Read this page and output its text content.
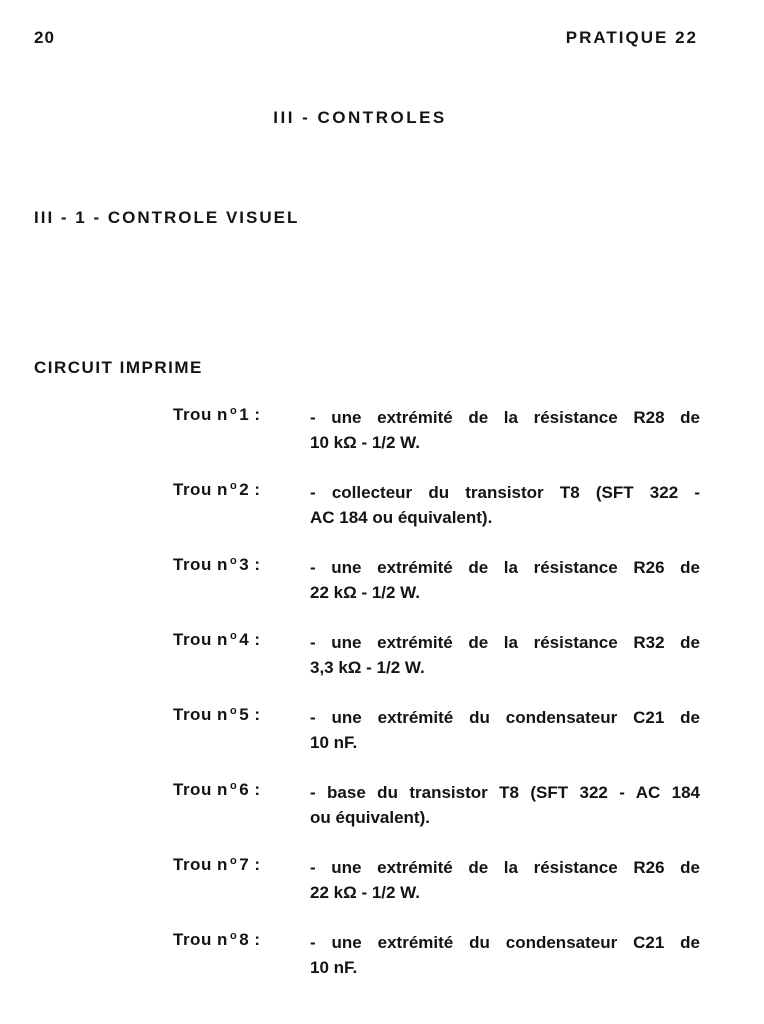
20	PRATIQUE 22
III - CONTROLES
III - 1 - CONTROLE VISUEL
CIRCUIT IMPRIME
Trou n $^o$ 1 :	- une extrémité de la résistance R28 de
10 kΩ - 1/2 W.
Trou n $^o$ 2 :	- collecteur du transistor T8 (SFT 322 -
AC 184 ou équivalent).
Trou n $^o$ 3 :	- une extrémité de la résistance R26 de
22 kΩ - 1/2 W.
Trou n $^o$ 4 :	- une extrémité de la résistance R32 de
3,3 kΩ - 1/2 W.
Trou n $^o$ 5 :	- une extrémité du condensateur C21 de
10 nF.
Trou n $^o$ 6 :	- base du transistor T8 (SFT 322 - AC 184
ou équivalent).
Trou n $^o$ 7 :	- une extrémité de la résistance R26 de
22 kΩ - 1/2 W.
Trou n $^o$ 8 :	- une extrémité du condensateur C21 de
10 nF.
